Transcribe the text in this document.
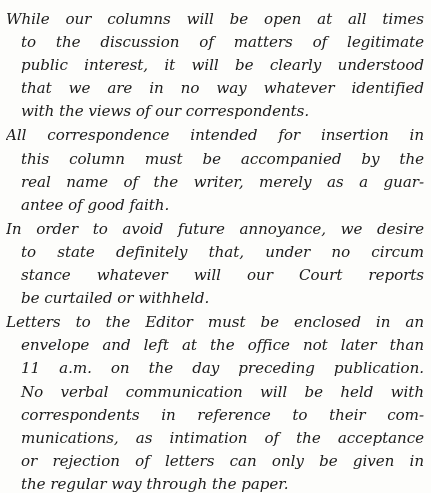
While our columns will be open at all times
to the discussion of matters of legitimate
public interest, it will be clearly understood
that we are in no way whatever identified
with the views of our correspondents.
All correspondence intended for insertion in
this column must be accompanied by the
real name of the writer, merely as a guar-
antee of good faith.
In order to avoid future annoyance, we desire
to state definitely that, under no circum
stance whatever will our Court reports
be curtailed or withheld.
Letters to the Editor must be enclosed in an
envelope and left at the office not later than
11 a.m. on the day preceding publication.
No verbal communication will be held with
correspondents in reference to their com-
munications, as intimation of the acceptance
or rejection of letters can only be given in
the regular way through the paper.
